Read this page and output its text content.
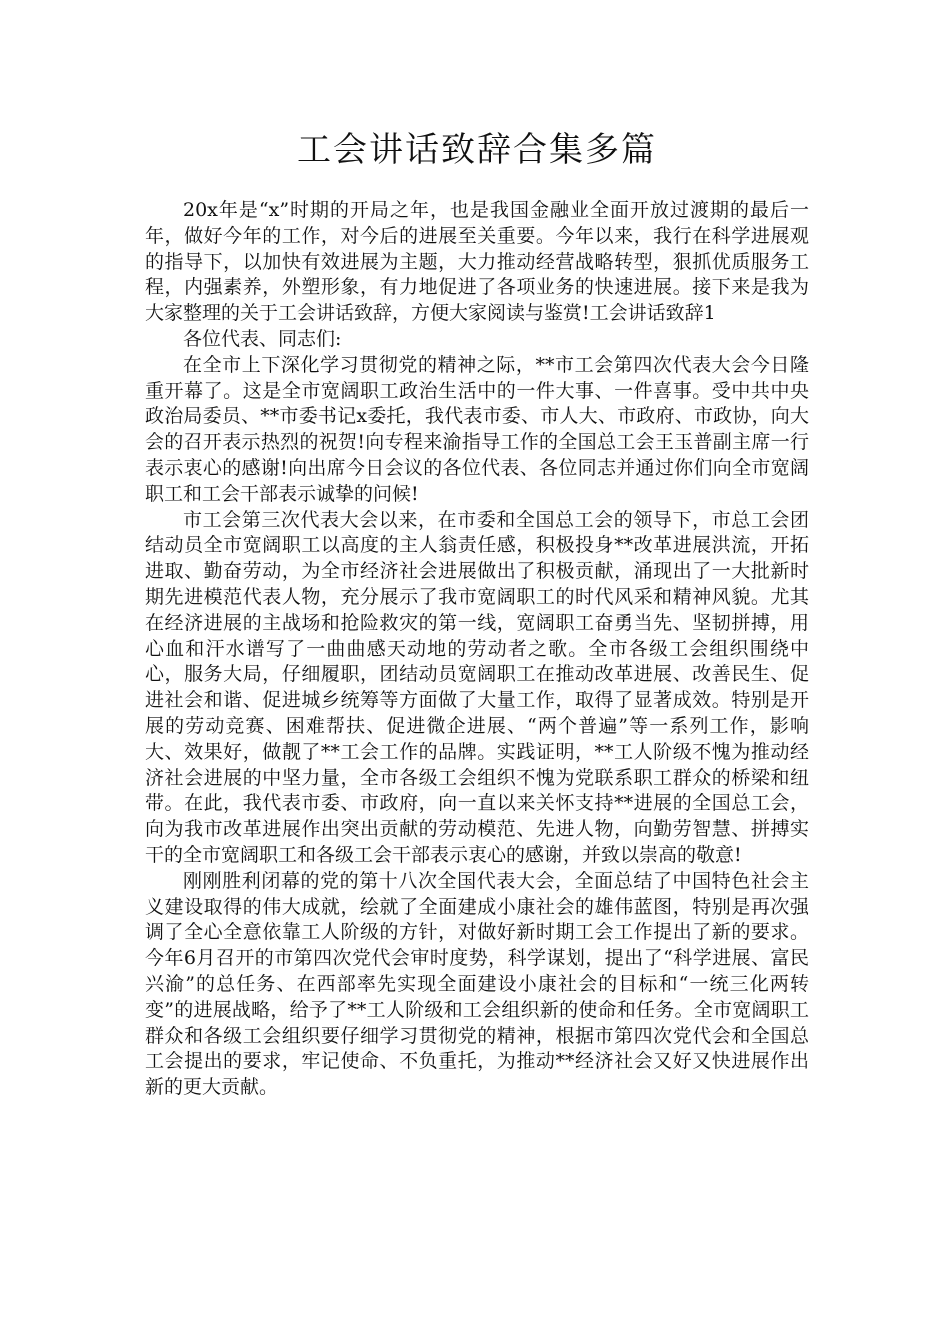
工会讲话致辞合集多篇

20x年是“x”时期的开局之年，也是我国金融业全面开放过渡期的最后一年，做好今年的工作，对今后的进展至关重要。今年以来，我行在科学进展观的指导下，以加快有效进展为主题，大力推动经营战略转型，狠抓优质服务工程，内强素养，外塑形象，有力地促进了各项业务的快速进展。接下来是我为大家整理的关于工会讲话致辞，方便大家阅读与鉴赏!工会讲话致辞1

各位代表、同志们:

在全市上下深化学习贯彻党的精神之际，**市工会第四次代表大会今日隆重开幕了。这是全市宽阔职工政治生活中的一件大事、一件喜事。受中共中央政治局委员、**市委书记x委托，我代表市委、市人大、市政府、市政协，向大会的召开表示热烈的祝贺!向专程来渝指导工作的全国总工会王玉普副主席一行表示衷心的感谢!向出席今日会议的各位代表、各位同志并通过你们向全市宽阔职工和工会干部表示诚挚的问候!

市工会第三次代表大会以来，在市委和全国总工会的领导下，市总工会团结动员全市宽阔职工以高度的主人翁责任感，积极投身**改革进展洪流，开拓进取、勤奋劳动，为全市经济社会进展做出了积极贡献，涌现出了一大批新时期先进模范代表人物，充分展示了我市宽阔职工的时代风采和精神风貌。尤其在经济进展的主战场和抢险救灾的第一线，宽阔职工奋勇当先、坚韧拼搏，用心血和汗水谱写了一曲曲感天动地的劳动者之歌。全市各级工会组织围绕中心，服务大局，仔细履职，团结动员宽阔职工在推动改革进展、改善民生、促进社会和谐、促进城乡统筹等方面做了大量工作，取得了显著成效。特别是开展的劳动竞赛、困难帮扶、促进微企进展、“两个普遍”等一系列工作，影响大、效果好，做靓了**工会工作的品牌。实践证明，**工人阶级不愧为推动经济社会进展的中坚力量，全市各级工会组织不愧为党联系职工群众的桥梁和纽带。在此，我代表市委、市政府，向一直以来关怀支持**进展的全国总工会，向为我市改革进展作出突出贡献的劳动模范、先进人物，向勤劳智慧、拼搏实干的全市宽阔职工和各级工会干部表示衷心的感谢，并致以崇高的敬意!

刚刚胜利闭幕的党的第十八次全国代表大会，全面总结了中国特色社会主义建设取得的伟大成就，绘就了全面建成小康社会的雄伟蓝图，特别是再次强调了全心全意依靠工人阶级的方针，对做好新时期工会工作提出了新的要求。今年6月召开的市第四次党代会审时度势，科学谋划，提出了“科学进展、富民兴渝”的总任务、在西部率先实现全面建设小康社会的目标和“一统三化两转变”的进展战略，给予了**工人阶级和工会组织新的使命和任务。全市宽阔职工群众和各级工会组织要仔细学习贯彻党的精神，根据市第四次党代会和全国总工会提出的要求，牢记使命、不负重托，为推动**经济社会又好又快进展作出新的更大贡献。
